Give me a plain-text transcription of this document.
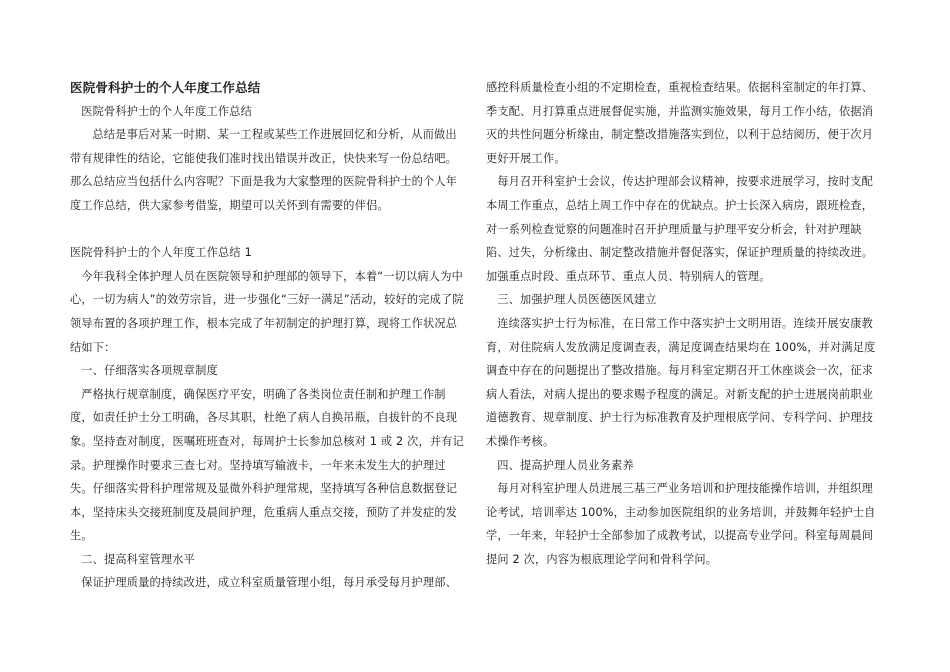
医院骨科护士的个人年度工作总结

医院骨科护士的个人年度工作总结

总结是事后对某一时期、某一工程或某些工作进展回忆和分析，从而做出带有规律性的结论，它能使我们准时找出错误并改正，快快来写一份总结吧。那么总结应当包括什么内容呢？下面是我为大家整理的医院骨科护士的个人年度工作总结，供大家参考借鉴，期望可以关怀到有需要的伴侣。

医院骨科护士的个人年度工作总结 1

今年我科全体护理人员在医院领导和护理部的领导下，本着“一切以病人为中心，一切为病人”的效劳宗旨，进一步强化“三好一满足”活动，较好的完成了院领导布置的各项护理工作，根本完成了年初制定的护理打算，现将工作状况总结如下：

一、仔细落实各项规章制度

严格执行规章制度，确保医疗平安，明确了各类岗位责任制和护理工作制度，如责任护士分工明确，各尽其职，杜绝了病人自换吊瓶，自拔针的不良现象。坚持查对制度，医嘱班班查对，每周护士长参加总核对 1 或 2 次，并有记录。护理操作时要求三查七对。坚持填写输液卡，一年来未发生大的护理过失。仔细落实骨科护理常规及显微外科护理常规，坚持填写各种信息数据登记本，坚持床头交接班制度及晨间护理，危重病人重点交接，预防了并发症的发生。

二、提高科室管理水平

保证护理质量的持续改进，成立科室质量管理小组，每月承受每月护理部、

感控科质量检查小组的不定期检查，重视检查结果。依据科室制定的年打算、季支配、月打算重点进展督促实施，并监测实施效果，每月工作小结，依据消灭的共性问题分析缘由，制定整改措施落实到位，以利于总结阅历，便于次月更好开展工作。

每月召开科室护士会议，传达护理部会议精神，按要求进展学习，按时支配本周工作重点，总结上周工作中存在的优缺点。护士长深入病房，跟班检查，对一系列检查觉察的问题准时召开护理质量与护理平安分析会，针对护理缺陷、过失，分析缘由、制定整改措施并督促落实，保证护理质量的持续改进。加强重点时段、重点环节、重点人员、特别病人的管理。

三、加强护理人员医德医风建立

连续落实护士行为标准，在日常工作中落实护士文明用语。连续开展安康教育，对住院病人发放满足度调查表，满足度调查结果均在 100%，并对满足度调查中存在的问题提出了整改措施。每月科室定期召开工休座谈会一次，征求病人看法，对病人提出的要求赐予程度的满足。对新支配的护士进展岗前职业道德教育、规章制度、护士行为标准教育及护理根底学问、专科学问、护理技术操作考核。

四、提高护理人员业务素养

每月对科室护理人员进展三基三严业务培训和护理技能操作培训，并组织理论考试，培训率达 100%，主动参加医院组织的业务培训，并鼓舞年轻护士自学，一年来，年轻护士全部参加了成教考试，以提高专业学问。科室每周晨间提问 2 次，内容为根底理论学问和骨科学问。
